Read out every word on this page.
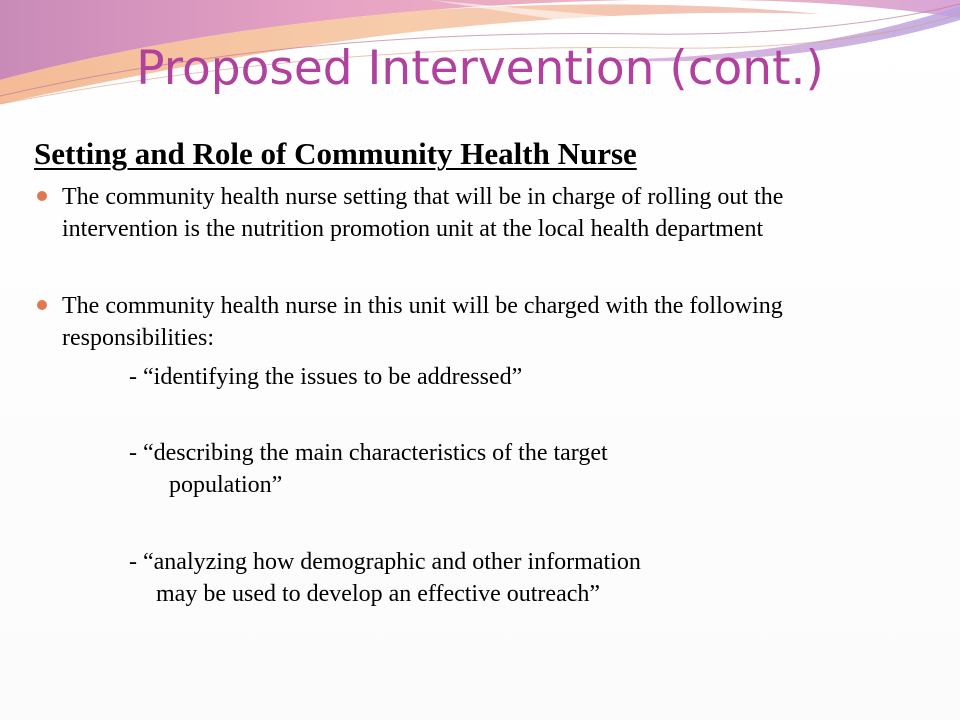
Proposed Intervention (cont.)
Setting and Role of Community Health Nurse
The community health nurse setting that will be in charge of rolling out the
intervention is the nutrition promotion unit at the local health department
The community health nurse in this unit will be charged with the following
responsibilities:
- “identifying the issues to be addressed”
- “describing the main characteristics of the target
population”
- “analyzing how demographic and other information
may be used to develop an effective outreach”
